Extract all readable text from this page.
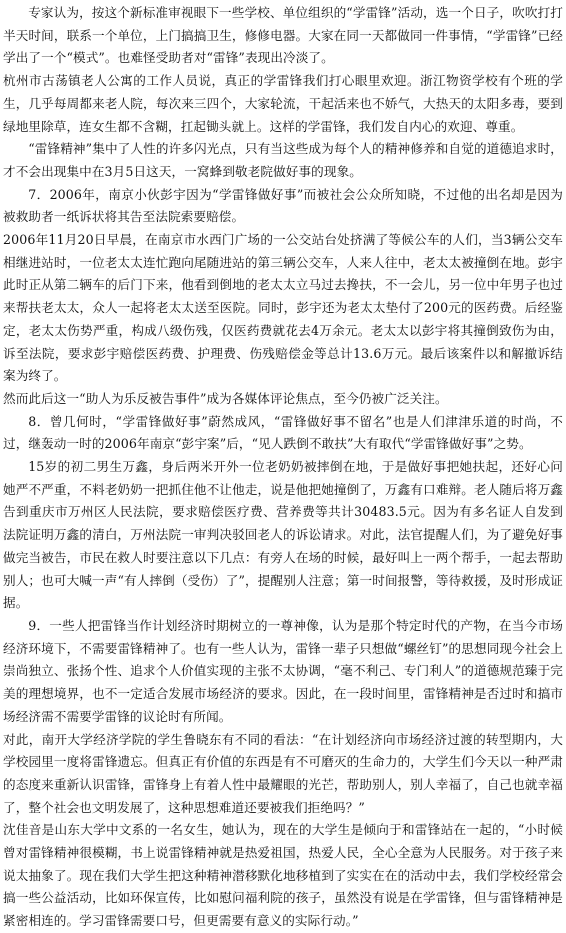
专家认为，按这个新标准审视眼下一些学校、单位组织的“学雷锋”活动，选一个日子，吹吹打打半天时间，联系一个单位，上门搞搞卫生，修修电器。大家在同一天都做同一件事情，“学雷锋”已经学出了一个“模式”。也难怪受助者对“雷锋”表现出冷淡了。

杭州市古荡镇老人公寓的工作人员说，真正的学雷锋我们打心眼里欢迎。浙江物资学校有个班的学生，几乎每周都来老人院，每次来三四个，大家轮流，干起活来也不娇气，大热天的太阳多毒，要到绿地里除草，连女生都不含糊，扛起锄头就上。这样的学雷锋，我们发自内心的欢迎、尊重。

“雷锋精神”集中了人性的许多闪光点，只有当这些成为每个人的精神修养和自觉的道德追求时，才不会出现集中在3月5日这天，一窝蜂到敬老院做好事的现象。

7．2006年，南京小伙彭宇因为“学雷锋做好事”而被社会公众所知晓，不过他的出名却是因为被救助者一纸诉状将其告至法院索要赔偿。

2006年11月20日早晨，在南京市水西门广场的一公交站台处挤满了等候公车的人们，当3辆公交车相继进站时，一位老太太连忙跑向尾随进站的第三辆公交车，人来人往中，老太太被撞倒在地。彭宇此时正从第二辆车的后门下来，他看到倒地的老太太立马过去搀扶，不一会儿，另一位中年男子也过来帮扶老太太，众人一起将老太太送至医院。同时，彭宇还为老太太垫付了200元的医药费。后经鉴定，老太太伤势严重，构成八级伤残，仅医药费就花去4万余元。老太太以彭宇将其撞倒致伤为由，诉至法院，要求彭宇赔偿医药费、护理费、伤残赔偿金等总计13.6万元。最后该案件以和解撤诉结案为终了。

然而此后这一“助人为乐反被告事件”成为各媒体评论焦点，至今仍被广泛关注。

8．曾几何时，“学雷锋做好事”蔚然成风，“雷锋做好事不留名”也是人们津津乐道的时尚，不过，继轰动一时的2006年南京“彭宇案”后，“见人跌倒不敢扶”大有取代“学雷锋做好事”之势。

15岁的初二男生万鑫，身后两米开外一位老奶奶被摔倒在地，于是做好事把她扶起，还好心问她严不严重，不料老奶奶一把抓住他不让他走，说是他把她撞倒了，万鑫有口难辩。老人随后将万鑫告到重庆市万州区人民法院，要求赔偿医疗费、营养费等共计30483.5元。因为有多名证人自发到法院证明万鑫的清白，万州法院一审判决驳回老人的诉讼请求。对此，法官提醒人们，为了避免好事做完当被告，市民在救人时要注意以下几点：有旁人在场的时候，最好叫上一两个帮手，一起去帮助别人；也可大喊一声“有人摔倒（受伤）了”，提醒别人注意；第一时间报警，等待救援，及时形成证据。

9．一些人把雷锋当作计划经济时期树立的一尊神像，认为是那个特定时代的产物，在当今市场经济环境下，不需要雷锋精神了。也有一些人认为，雷锋一辈子只想做“螺丝钉”的思想同现今社会上崇尚独立、张扬个性、追求个人价值实现的主张不太协调，“毫不利己、专门利人”的道德规范臻于完美的理想境界，也不一定适合发展市场经济的要求。因此，在一段时间里，雷锋精神是否过时和搞市场经济需不需要学雷锋的议论时有所闻。

对此，南开大学经济学院的学生鲁晓东有不同的看法：“在计划经济向市场经济过渡的转型期内，大学校园里一度将雷锋遗忘。但真正有价值的东西是有不可磨灭的生命力的，大学生们今天以一种严肃的态度来重新认识雷锋，雷锋身上有着人性中最耀眼的光芒，帮助别人，别人幸福了，自己也就幸福了，整个社会也文明发展了，这种思想难道还要被我们拒绝吗？”

沈佳音是山东大学中文系的一名女生，她认为，现在的大学生是倾向于和雷锋站在一起的，“小时候曾对雷锋精神很模糊，书上说雷锋精神就是热爱祖国，热爱人民，全心全意为人民服务。对于孩子来说太抽象了。现在我们大学生把这种精神潜移默化地移植到了实实在在的活动中去，我们学校经常会搞一些公益活动，比如环保宣传，比如慰问福利院的孩子，虽然没有说是在学雷锋，但与雷锋精神是紧密相连的。学习雷锋需要口号，但更需要有意义的实际行动。”
